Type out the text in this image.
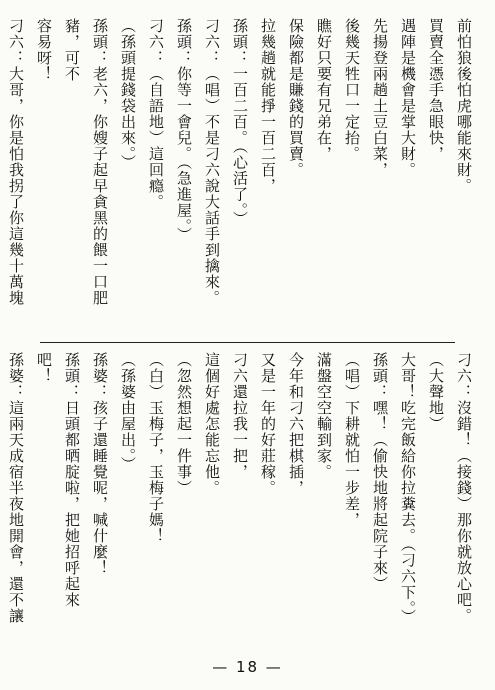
前怕狼後怕虎哪能來財。
買賣全憑手急眼快，
遇陣是機會是掌大財。
先揚登兩趟土豆白菜，
後幾天牲口一定抬。
瞧好只要有兄弟在，
保險都是賺錢的買賣。
拉幾趟就能掙一百二百，
孫頭：一百二百。（心活了。）
刁六：（唱）不是刁六說大話手到擒來。
孫頭：你等一會兒。（急進屋。）
刁六：（自語地）這回瘾。
（孫頭提錢袋出來。）
孫頭：老六，你嫂子起早貪黑的餵一口肥豬，可不
容易呀！
刁六：大哥，你是怕我拐了你這幾十萬塊
刁六：沒錯！（接錢）那你就放心吧。（大聲地）
大哥！吃完飯給你拉糞去。（刁六下。）
孫頭：嘿！（偷快地將起院子來）
（唱）下耕就怕一步差，
滿盤空空輸到家。
今年和刁六把棋插，
又是一年的好莊稼。
刁六還拉我一把，
這個好處怎能忘他。
（忽然想起一件事）
（白）玉梅子，玉梅子媽！
（孫婆由屋出。）
孫婆：孩子還睡覺呢，喊什麼！
孫頭：日頭都晒腚啦，把她招呼起來吧！
孫婆：這兩天成宿半夜地開會，還不讓
— 18 —
